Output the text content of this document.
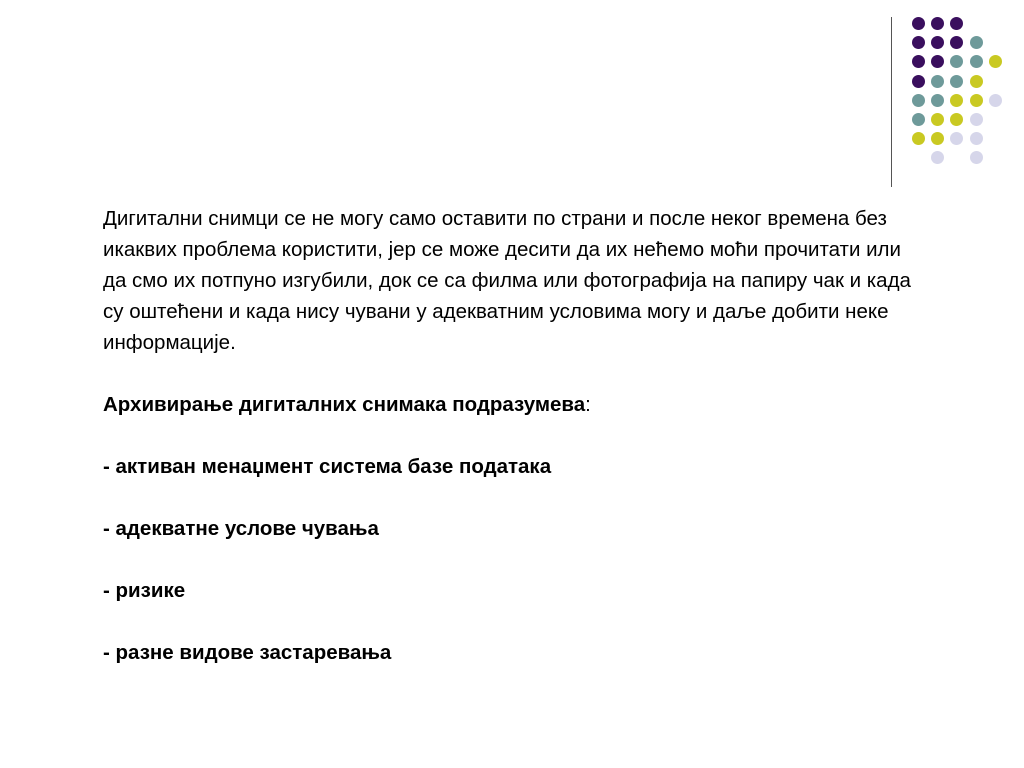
Дигитални снимци се не могу само оставити по страни и после неког времена без икаквих проблема користити, јер се може десити да их нећемо моћи прочитати или да смо их потпуно изгубили, док се са филма или фотографија на папиру чак и када су оштећени и када нису чувани у адекватним условима могу и даље добити неке информације.

Архивирање дигиталних снимака подразумева:

- активан менаџмент система базе података

- адекватне услове чувања

- ризике

- разне видове застаревања
